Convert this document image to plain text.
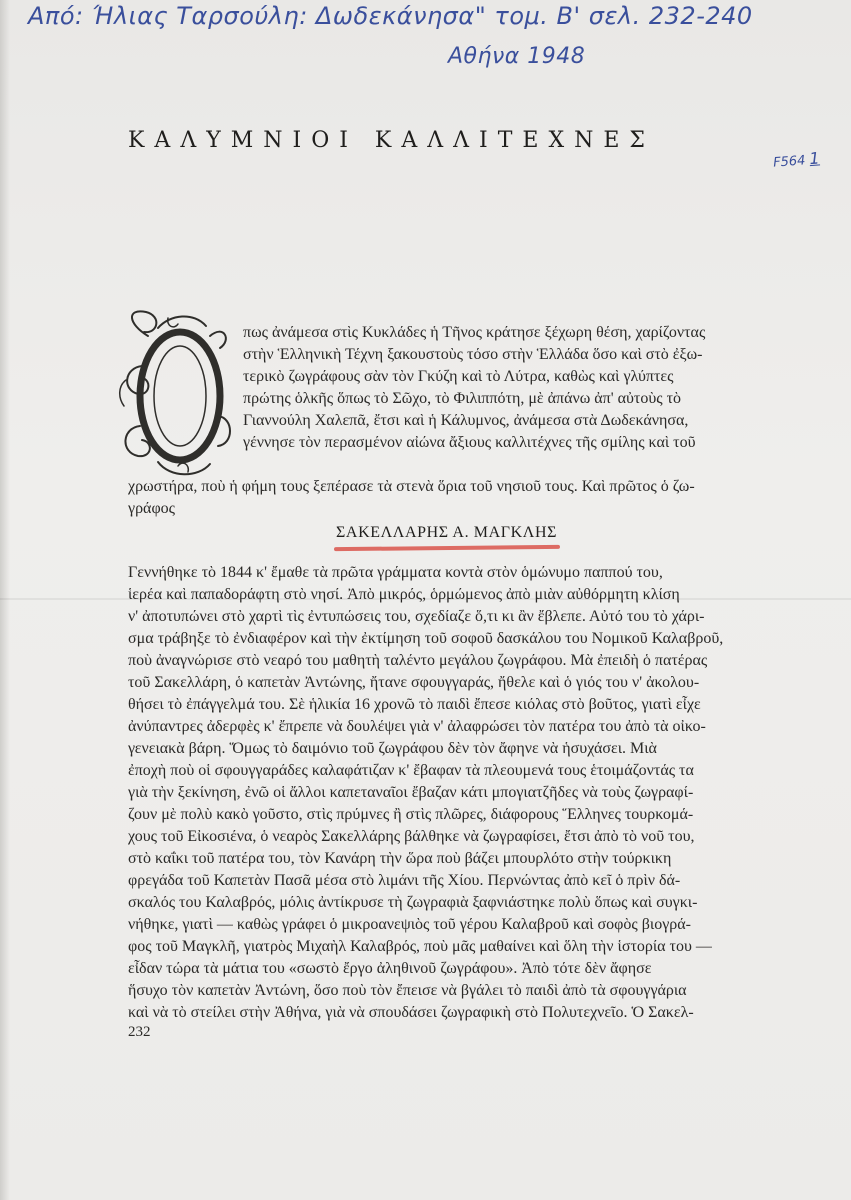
Από: Ήλιας Ταρσούλη: Δωδεκάνησα" τομ. Β' σελ. 232-240
Αθήνα 1948
F564 1
ΚΑΛΥΜΝΙΟΙ ΚΑΛΛΙΤΕΧΝΕΣ
πως ἀνάμεσα στὶς Κυκλάδες ἡ Τῆνος κράτησε ξέχωρη θέση, χαρίζοντας
στὴν Ἑλληνικὴ Τέχνη ξακουστοὺς τόσο στὴν Ἑλλάδα ὅσο καὶ στὸ ἐξω-
τερικὸ ζωγράφους σὰν τὸν Γκύζη καὶ τὸ Λύτρα, καθὼς καὶ γλύπτες
πρώτης ὁλκῆς ὅπως τὸ Σῶχο, τὸ Φιλιππότη, μὲ ἀπάνω ἀπ' αὐτοὺς τὸ
Γιαννούλη Χαλεπᾶ, ἔτσι καὶ ἡ Κάλυμνος, ἀνάμεσα στὰ Δωδεκάνησα,
γέννησε τὸν περασμένον αἰώνα ἄξιους καλλιτέχνες τῆς σμίλης καὶ τοῦ
χρωστήρα, ποὺ ἡ φήμη τους ξεπέρασε τὰ στενὰ ὅρια τοῦ νησιοῦ τους. Καὶ πρῶτος ὁ ζω-
γράφος
ΣΑΚΕΛΛΑΡΗΣ Α. ΜΑΓΚΛΗΣ
Γεννήθηκε τὸ 1844 κ' ἔμαθε τὰ πρῶτα γράμματα κοντὰ στὸν ὁμώνυμο παππού του,
ἱερέα καὶ παπαδοράφτη στὸ νησί. Ἀπὸ μικρός, ὁρμώμενος ἀπὸ μιὰν αὐθόρμητη κλίση
ν' ἀποτυπώνει στὸ χαρτὶ τὶς ἐντυπώσεις του, σχεδίαζε ὅ,τι κι ἂν ἔβλεπε. Αὐτό του τὸ χάρι-
σμα τράβηξε τὸ ἐνδιαφέρον καὶ τὴν ἐκτίμηση τοῦ σοφοῦ δασκάλου του Νομικοῦ Καλαβροῦ,
ποὺ ἀναγνώρισε στὸ νεαρό του μαθητὴ ταλέντο μεγάλου ζωγράφου. Μὰ ἐπειδὴ ὁ πατέρας
τοῦ Σακελλάρη, ὁ καπετὰν Ἀντώνης, ἤτανε σφουγγαράς, ἤθελε καὶ ὁ γιός του ν' ἀκολου-
θήσει τὸ ἐπάγγελμά του. Σὲ ἡλικία 16 χρονῶ τὸ παιδὶ ἔπεσε κιόλας στὸ βοῦτος, γιατὶ εἶχε
ἀνύπαντρες ἀδερφὲς κ' ἔπρεπε νὰ δουλέψει γιὰ ν' ἀλαφρώσει τὸν πατέρα του ἀπὸ τὰ οἰκο-
γενειακὰ βάρη. Ὅμως τὸ δαιμόνιο τοῦ ζωγράφου δὲν τὸν ἄφηνε νὰ ἡσυχάσει. Μιὰ
ἐποχὴ ποὺ οἱ σφουγγαράδες καλαφάτιζαν κ' ἔβαφαν τὰ πλεουμενά τους ἑτοιμάζοντάς τα
γιὰ τὴν ξεκίνηση, ἐνῶ οἱ ἄλλοι καπεταναῖοι ἔβαζαν κάτι μπογιατζῆδες νὰ τοὺς ζωγραφί-
ζουν μὲ πολὺ κακὸ γοῦστο, στὶς πρύμνες ἢ στὶς πλῶρες, διάφορους Ἕλληνες τουρκομά-
χους τοῦ Εἰκοσιένα, ὁ νεαρὸς Σακελλάρης βάλθηκε νὰ ζωγραφίσει, ἔτσι ἀπὸ τὸ νοῦ του,
στὸ καΐκι τοῦ πατέρα του, τὸν Κανάρη τὴν ὥρα ποὺ βάζει μπουρλότο στὴν τούρκικη
φρεγάδα τοῦ Καπετὰν Πασᾶ μέσα στὸ λιμάνι τῆς Χίου. Περνώντας ἀπὸ κεῖ ὁ πρὶν δά-
σκαλός του Καλαβρός, μόλις ἀντίκρυσε τὴ ζωγραφιὰ ξαφνιάστηκε πολὺ ὅπως καὶ συγκι-
νήθηκε, γιατὶ — καθὼς γράφει ὁ μικροανεψιὸς τοῦ γέρου Καλαβροῦ καὶ σοφὸς βιογρά-
φος τοῦ Μαγκλῆ, γιατρὸς Μιχαὴλ Καλαβρός, ποὺ μᾶς μαθαίνει καὶ ὅλη τὴν ἱστορία του —
εἶδαν τώρα τὰ μάτια του «σωστὸ ἔργο ἀληθινοῦ ζωγράφου». Ἀπὸ τότε δὲν ἄφησε
ἥσυχο τὸν καπετὰν Ἀντώνη, ὅσο ποὺ τὸν ἔπεισε νὰ βγάλει τὸ παιδὶ ἀπὸ τὰ σφουγγάρια
καὶ νὰ τὸ στείλει στὴν Ἀθήνα, γιὰ νὰ σπουδάσει ζωγραφικὴ στὸ Πολυτεχνεῖο. Ὁ Σακελ-
232
